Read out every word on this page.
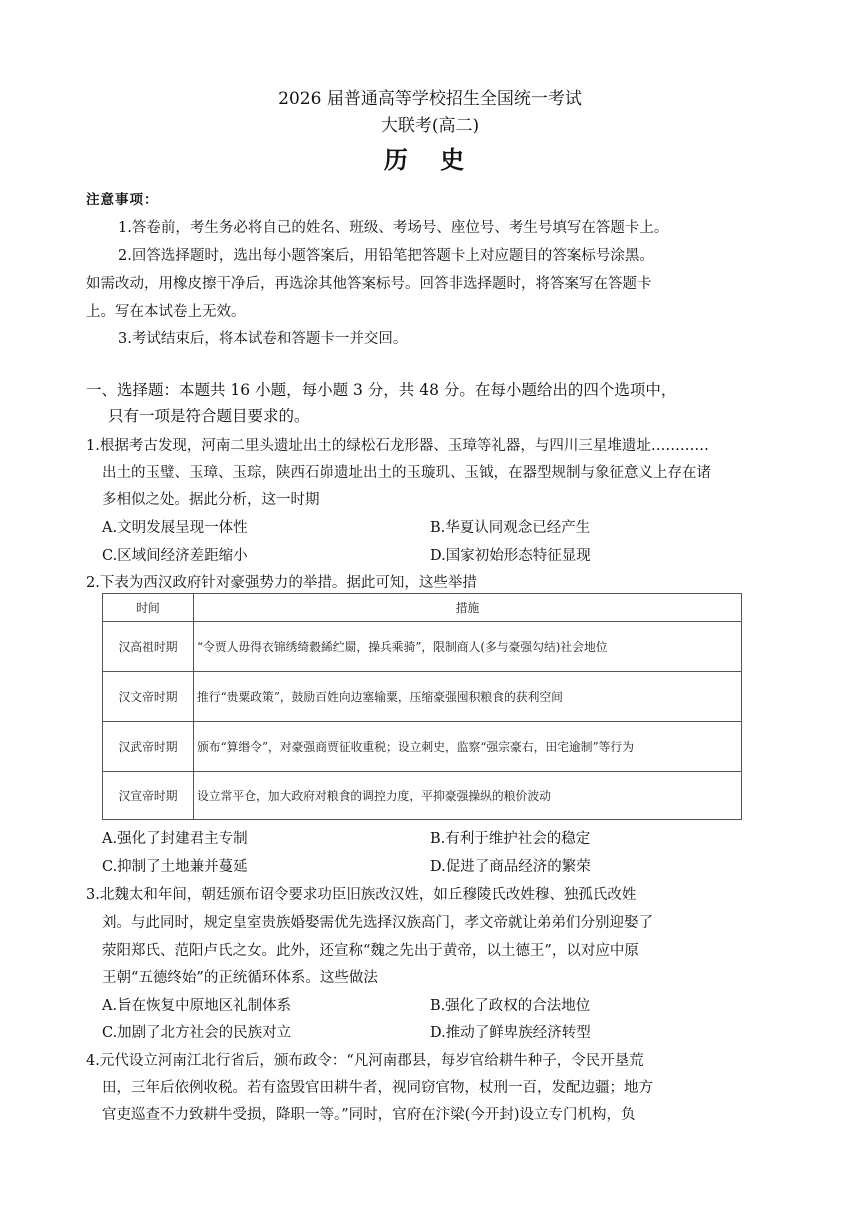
2026 届普通高等学校招生全国统一考试
大联考(高二)
历 史
注意事项：
1.答卷前，考生务必将自己的姓名、班级、考场号、座位号、考生号填写在答题卡上。
2.回答选择题时，选出每小题答案后，用铅笔把答题卡上对应题目的答案标号涂黑。
如需改动，用橡皮擦干净后，再选涂其他答案标号。回答非选择题时，将答案写在答题卡
上。写在本试卷上无效。
3.考试结束后，将本试卷和答题卡一并交回。
一、选择题：本题共 16 小题，每小题 3 分，共 48 分。在每小题给出的四个选项中，
只有一项是符合题目要求的。
1.根据考古发现，河南二里头遗址出土的绿松石龙形器、玉璋等礼器，与四川三星堆遗址…………
出土的玉璧、玉璋、玉琮，陕西石峁遗址出土的玉璇玑、玉钺，在器型规制与象征意义上存在诸
多相似之处。据此分析，这一时期
A.文明发展呈现一体性	B.华夏认同观念已经产生
C.区域间经济差距缩小	D.国家初始形态特征显现
2.下表为西汉政府针对豪强势力的举措。据此可知，这些举措
时间	措施
汉高祖时期	“令贾人毋得衣锦绣绮縠絺纻罽，操兵乘骑”，限制商人(多与豪强勾结)社会地位
汉文帝时期	推行“贵粟政策”，鼓励百姓向边塞输粟，压缩豪强囤积粮食的获利空间
汉武帝时期	颁布“算缗令”，对豪强商贾征收重税；设立刺史，监察“强宗豪右，田宅逾制”等行为
汉宣帝时期	设立常平仓，加大政府对粮食的调控力度，平抑豪强操纵的粮价波动
A.强化了封建君主专制	B.有利于维护社会的稳定
C.抑制了土地兼并蔓延	D.促进了商品经济的繁荣
3.北魏太和年间，朝廷颁布诏令要求功臣旧族改汉姓，如丘穆陵氏改姓穆、独孤氏改姓
刘。与此同时，规定皇室贵族婚娶需优先选择汉族高门，孝文帝就让弟弟们分别迎娶了
荥阳郑氏、范阳卢氏之女。此外，还宣称“魏之先出于黄帝，以土德王”，以对应中原
王朝“五德终始”的正统循环体系。这些做法
A.旨在恢复中原地区礼制体系	B.强化了政权的合法地位
C.加剧了北方社会的民族对立	D.推动了鲜卑族经济转型
4.元代设立河南江北行省后，颁布政令：“凡河南郡县，每岁官给耕牛种子，令民开垦荒
田，三年后依例收税。若有盗毁官田耕牛者，视同窃官物，杖刑一百，发配边疆；地方
官吏巡查不力致耕牛受损，降职一等。”同时，官府在汴梁(今开封)设立专门机构，负
